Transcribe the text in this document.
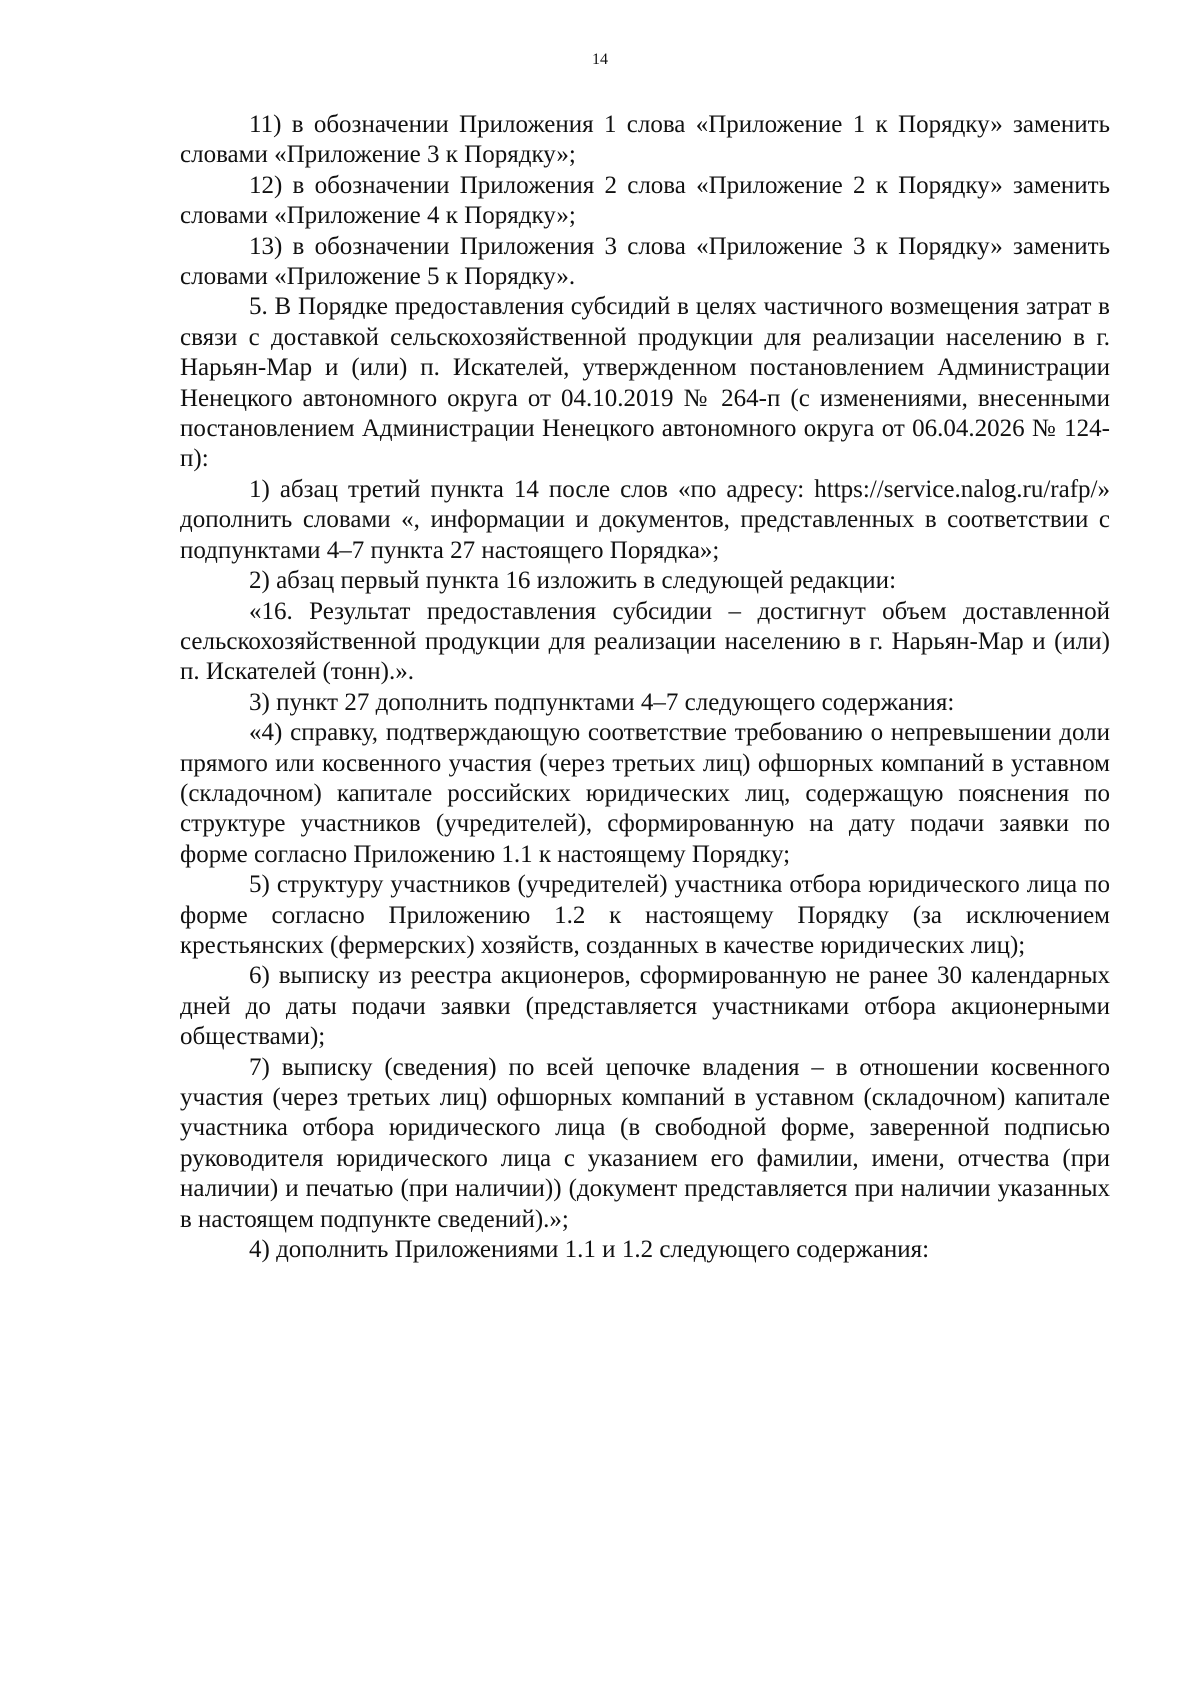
14

11) в обозначении Приложения 1 слова «Приложение 1 к Порядку» заменить словами «Приложение 3 к Порядку»;

12) в обозначении Приложения 2 слова «Приложение 2 к Порядку» заменить словами «Приложение 4 к Порядку»;

13) в обозначении Приложения 3 слова «Приложение 3 к Порядку» заменить словами «Приложение 5 к Порядку».

5. В Порядке предоставления субсидий в целях частичного возмещения затрат в связи с доставкой сельскохозяйственной продукции для реализации населению в г. Нарьян-Мар и (или) п. Искателей, утвержденном постановлением Администрации Ненецкого автономного округа от 04.10.2019 № 264-п (с изменениями, внесенными постановлением Администрации Ненецкого автономного округа от 06.04.2026 № 124-п):

1) абзац третий пункта 14 после слов «по адресу: https://service.nalog.ru/rafp/» дополнить словами «, информации и документов, представленных в соответствии с подпунктами 4–7 пункта 27 настоящего Порядка»;

2) абзац первый пункта 16 изложить в следующей редакции:

«16. Результат предоставления субсидии – достигнут объем доставленной сельскохозяйственной продукции для реализации населению в г. Нарьян-Мар и (или) п. Искателей (тонн).».

3) пункт 27 дополнить подпунктами 4–7 следующего содержания:

«4) справку, подтверждающую соответствие требованию о непревышении доли прямого или косвенного участия (через третьих лиц) офшорных компаний в уставном (складочном) капитале российских юридических лиц, содержащую пояснения по структуре участников (учредителей), сформированную на дату подачи заявки по форме согласно Приложению 1.1 к настоящему Порядку;

5) структуру участников (учредителей) участника отбора юридического лица по форме согласно Приложению 1.2 к настоящему Порядку (за исключением крестьянских (фермерских) хозяйств, созданных в качестве юридических лиц);

6) выписку из реестра акционеров, сформированную не ранее 30 календарных дней до даты подачи заявки (представляется участниками отбора акционерными обществами);

7) выписку (сведения) по всей цепочке владения – в отношении косвенного участия (через третьих лиц) офшорных компаний в уставном (складочном) капитале участника отбора юридического лица (в свободной форме, заверенной подписью руководителя юридического лица с указанием его фамилии, имени, отчества (при наличии) и печатью (при наличии)) (документ представляется при наличии указанных в настоящем подпункте сведений).»;

4) дополнить Приложениями 1.1 и 1.2 следующего содержания:
